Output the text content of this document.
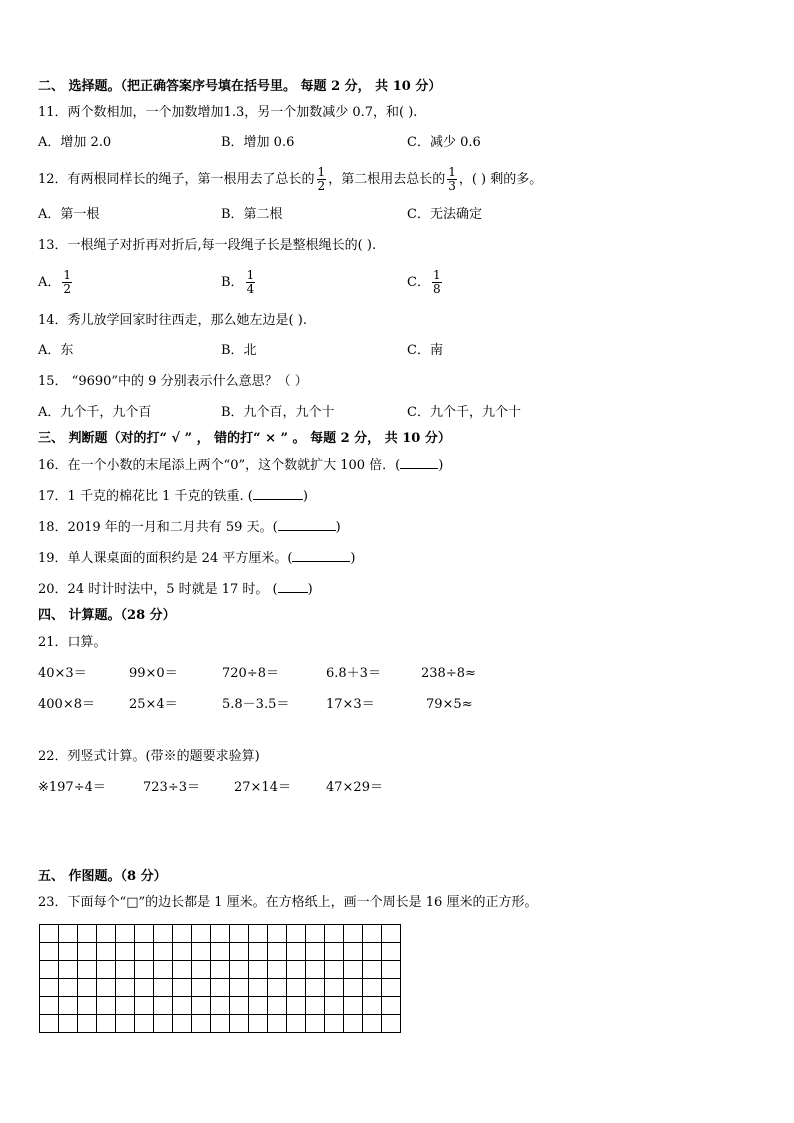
二、 选择题。（把正确答案序号填在括号里。 每题 2 分， 共 10 分）
11．两个数相加，一个加数增加1.3，另一个加数减少 0.7，和( ).
A．增加 2.0	B．增加 0.6	C．减少 0.6
12．有两根同样长的绳子，第一根用去了总长的 $\frac{1}{2}$ ，第二根用去总长的 $\frac{1}{3}$ ，( ) 剩的多。
A．第一根	B．第二根	C．无法确定
13．一根绳子对折再对折后,每一段绳子长是整根绳长的( ).
A． $\frac{1}{2}$	B． $\frac{1}{4}$	C． $\frac{1}{8}$
14．秀儿放学回家时往西走，那么她左边是( ).
A．东	B．北	C．南
15． “9690”中的 9 分别表示什么意思？（ ）
A．九个千，九个百	B．九个百，九个十	C．九个千，九个十
三、 判断题（对的打“ √ ” ， 错的打“ × ” 。 每题 2 分， 共 10 分）
16．在一个小数的末尾添上两个“0”，这个数就扩大 100 倍．(	)
17．1 千克的棉花比 1 千克的铁重. (	)
18．2019 年的一月和二月共有 59 天。(	)
19．单人课桌面的面积约是 24 平方厘米。(	)
20．24 时计时法中，5 时就是 17 时。 ( )
四、 计算题。（28 分）
21．口算。
40×3＝	99×0＝	720÷8＝	6.8＋3＝	238÷8≈
400×8＝	25×4＝	5.8－3.5＝	17×3＝	79×5≈
22．列竖式计算。(带※的题要求验算)
※197÷4＝	723÷3＝	27×14＝	47×29＝
五、 作图题。（8 分）
23．下面每个“□”的边长都是 1 厘米。在方格纸上，画一个周长是 16 厘米的正方形。
